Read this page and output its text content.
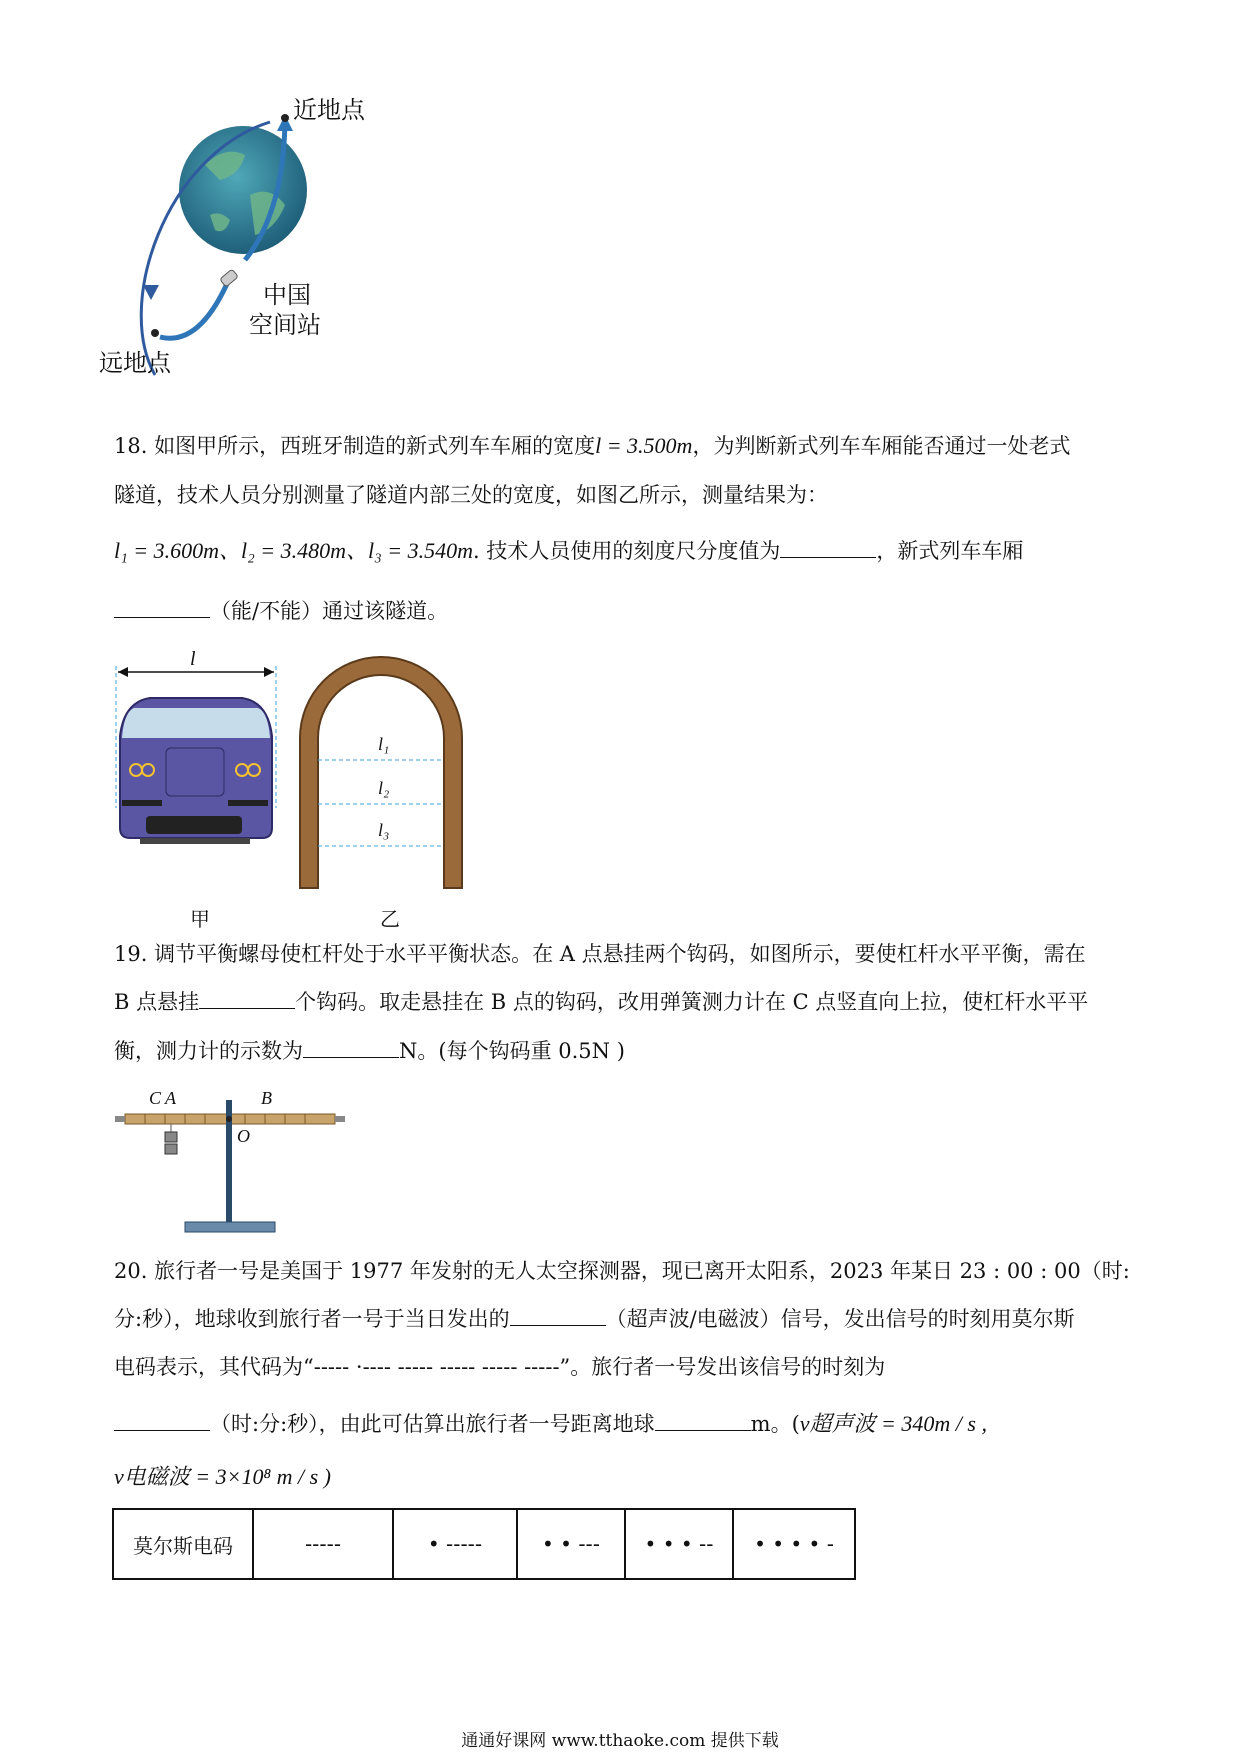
近地点
中国
空间站
远地点
18. 如图甲所示，西班牙制造的新式列车车厢的宽度l = 3.500m，为判断新式列车车厢能否通过一处老式
隧道，技术人员分别测量了隧道内部三处的宽度，如图乙所示，测量结果为：
l₁ = 3.600m、l₂ = 3.480m、l₃ = 3.540m. 技术人员使用的刻度尺分度值为	，新式列车车厢
（能/不能）通过该隧道。
l
l₁
l₂
l₃
甲	乙
19. 调节平衡螺母使杠杆处于水平平衡状态。在 A 点悬挂两个钩码，如图所示，要使杠杆水平平衡，需在
B 点悬挂	个钩码。取走悬挂在 B 点的钩码，改用弹簧测力计在 C 点竖直向上拉，使杠杆水平平
衡，测力计的示数为	N。(每个钩码重 0.5N )
C A	B
O
20. 旅行者一号是美国于 1977 年发射的无人太空探测器，现已离开太阳系，2023 年某日 23 : 00 : 00（时:
分:秒），地球收到旅行者一号于当日发出的	（超声波/电磁波）信号，发出信号的时刻用莫尔斯
电码表示，其代码为“----- ·---- ----- ----- ----- -----”。旅行者一号发出该信号的时刻为
（时:分:秒），由此可估算出旅行者一号距离地球	m。(v超声波 = 340m / s ,
v电磁波 = 3×10⁸ m / s )
莫尔斯电码	-----	• -----	• • ---	• • • --	• • • • -
通通好课网 www.tthaoke.com 提供下载
